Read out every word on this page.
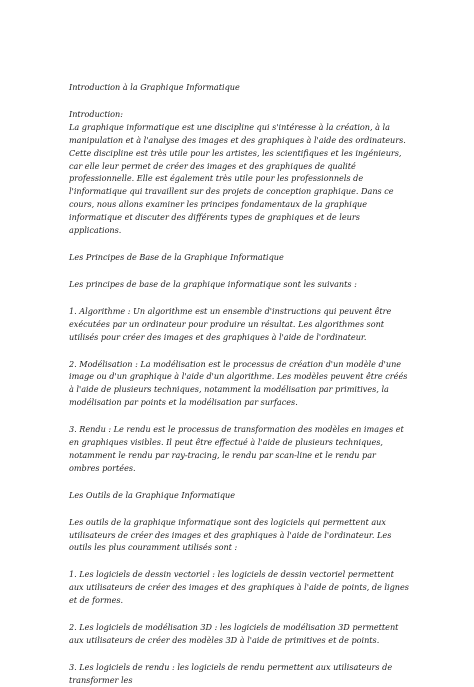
Introduction à la Graphique Informatique

Introduction:

La graphique informatique est une discipline qui s'intéresse à la création, à la manipulation et à l'analyse des images et des graphiques à l'aide des ordinateurs. Cette discipline est très utile pour les artistes, les scientifiques et les ingénieurs, car elle leur permet de créer des images et des graphiques de qualité professionnelle. Elle est également très utile pour les professionnels de l'informatique qui travaillent sur des projets de conception graphique. Dans ce cours, nous allons examiner les principes fondamentaux de la graphique informatique et discuter des différents types de graphiques et de leurs applications.

Les Principes de Base de la Graphique Informatique

Les principes de base de la graphique informatique sont les suivants :

1. Algorithme : Un algorithme est un ensemble d'instructions qui peuvent être exécutées par un ordinateur pour produire un résultat. Les algorithmes sont utilisés pour créer des images et des graphiques à l'aide de l'ordinateur.

2. Modélisation : La modélisation est le processus de création d'un modèle d'une image ou d'un graphique à l'aide d'un algorithme. Les modèles peuvent être créés à l'aide de plusieurs techniques, notamment la modélisation par primitives, la modélisation par points et la modélisation par surfaces.

3. Rendu : Le rendu est le processus de transformation des modèles en images et en graphiques visibles. Il peut être effectué à l'aide de plusieurs techniques, notamment le rendu par ray-tracing, le rendu par scan-line et le rendu par ombres portées.

Les Outils de la Graphique Informatique

Les outils de la graphique informatique sont des logiciels qui permettent aux utilisateurs de créer des images et des graphiques à l'aide de l'ordinateur. Les outils les plus couramment utilisés sont :

1. Les logiciels de dessin vectoriel : les logiciels de dessin vectoriel permettent aux utilisateurs de créer des images et des graphiques à l'aide de points, de lignes et de formes.

2. Les logiciels de modélisation 3D : les logiciels de modélisation 3D permettent aux utilisateurs de créer des modèles 3D à l'aide de primitives et de points.

3. Les logiciels de rendu : les logiciels de rendu permettent aux utilisateurs de transformer les
